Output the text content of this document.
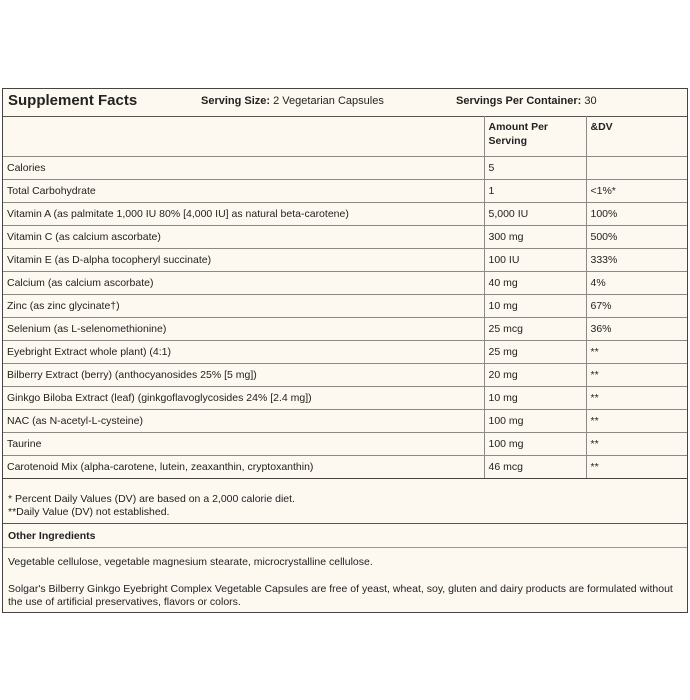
Supplement Facts	Serving Size: 2 Vegetarian Capsules	Servings Per Container: 30
	Amount Per Serving	&DV
Calories	5	
Total Carbohydrate	1	<1%*
Vitamin A (as palmitate 1,000 IU 80% [4,000 IU] as natural beta-carotene)	5,000 IU	100%
Vitamin C (as calcium ascorbate)	300 mg	500%
Vitamin E (as D-alpha tocopheryl succinate)	100 IU	333%
Calcium (as calcium ascorbate)	40 mg	4%
Zinc (as zinc glycinate†)	10 mg	67%
Selenium (as L-selenomethionine)	25 mcg	36%
Eyebright Extract whole plant) (4:1)	25 mg	**
Bilberry Extract (berry) (anthocyanosides 25% [5 mg])	20 mg	**
Ginkgo Biloba Extract (leaf) (ginkgoflavoglycosides 24% [2.4 mg])	10 mg	**
NAC (as N-acetyl-L-cysteine)	100 mg	**
Taurine	100 mg	**
Carotenoid Mix (alpha-carotene, lutein, zeaxanthin, cryptoxanthin)	46 mcg	**
* Percent Daily Values (DV) are based on a 2,000 calorie diet.
**Daily Value (DV) not established.
Other Ingredients
Vegetable cellulose, vegetable magnesium stearate, microcrystalline cellulose.
Solgar's Bilberry Ginkgo Eyebright Complex Vegetable Capsules are free of yeast, wheat, soy, gluten and dairy products are formulated without the use of artificial preservatives, flavors or colors.
